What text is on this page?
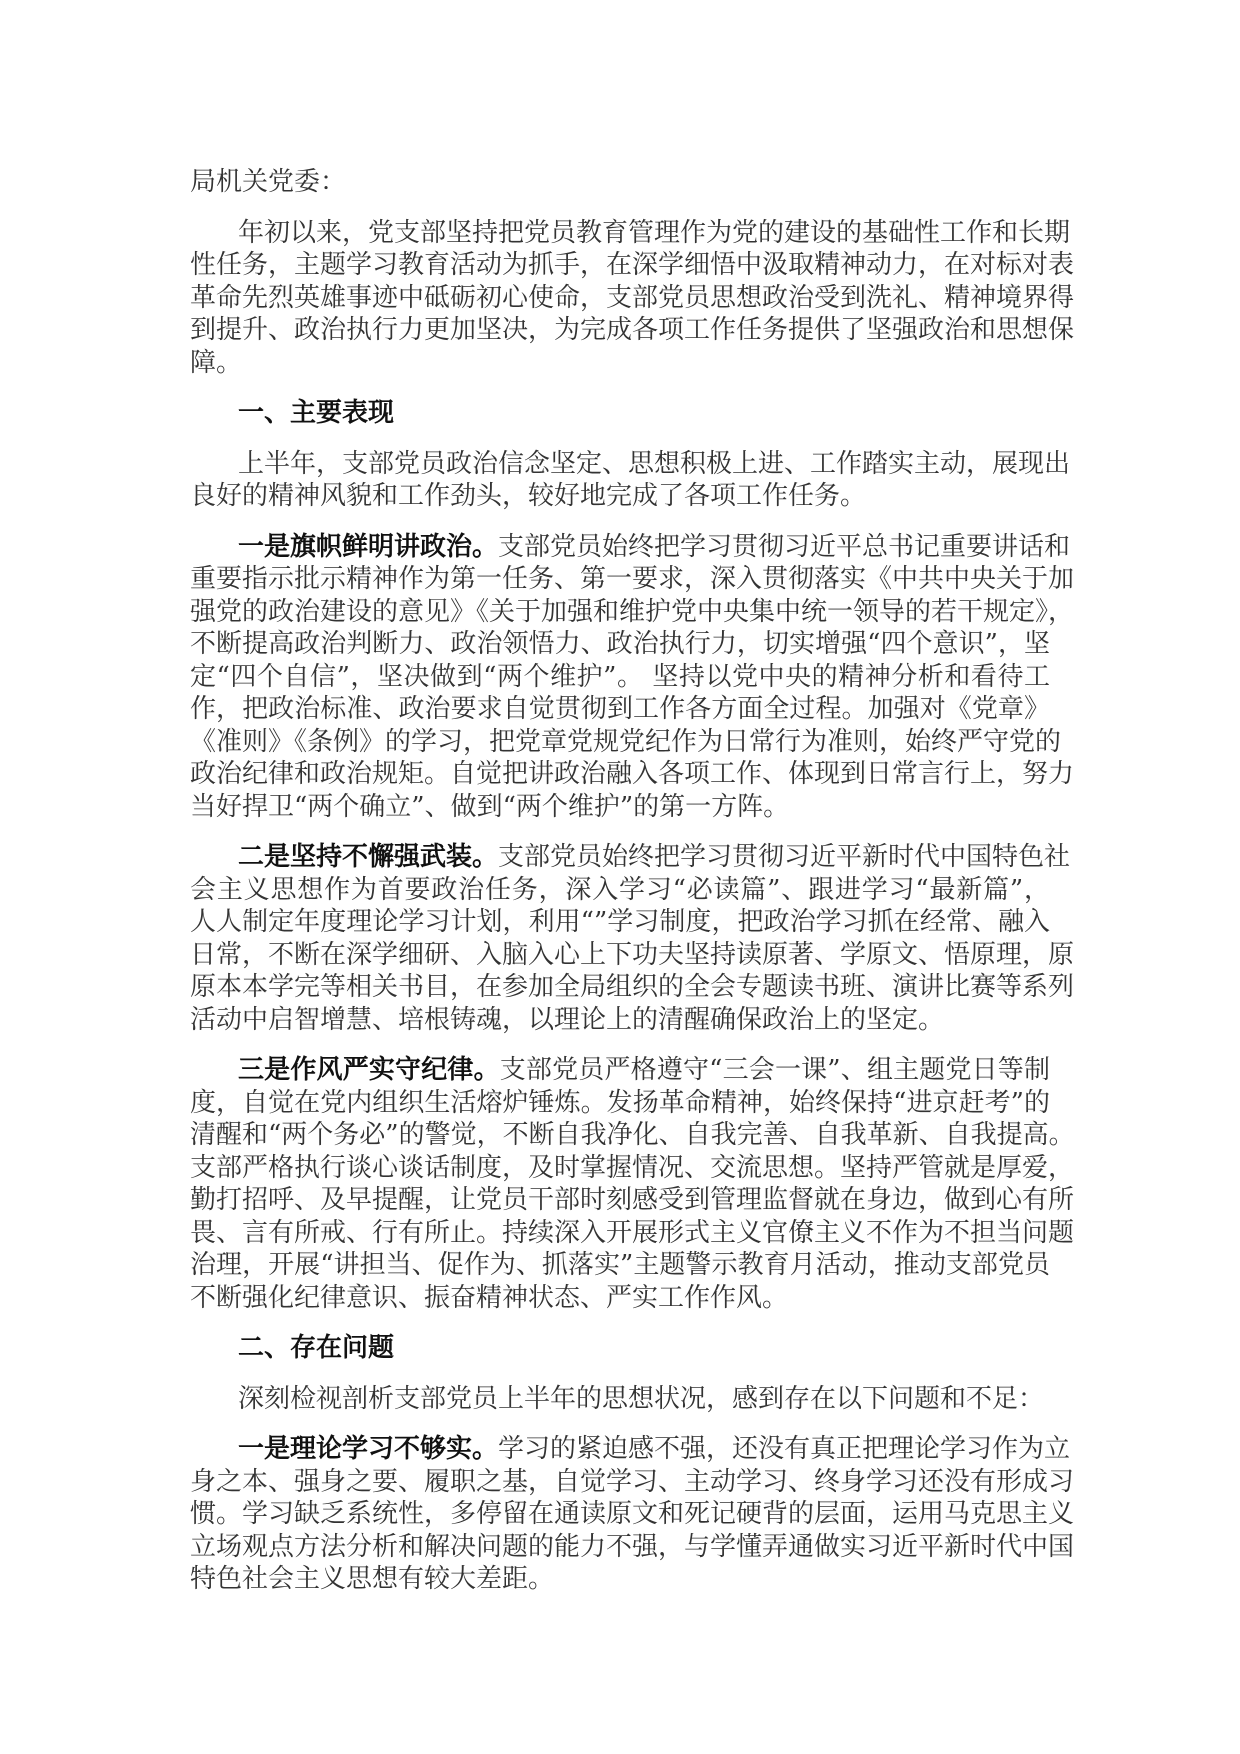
局机关党委：
年初以来，党支部坚持把党员教育管理作为党的建设的基础性工作和长期
性任务，主题学习教育活动为抓手，在深学细悟中汲取精神动力，在对标对表
革命先烈英雄事迹中砥砺初心使命，支部党员思想政治受到洗礼、精神境界得
到提升、政治执行力更加坚决，为完成各项工作任务提供了坚强政治和思想保
障。
一、主要表现
上半年，支部党员政治信念坚定、思想积极上进、工作踏实主动，展现出
良好的精神风貌和工作劲头，较好地完成了各项工作任务。
一是旗帜鲜明讲政治。支部党员始终把学习贯彻习近平总书记重要讲话和
重要指示批示精神作为第一任务、第一要求，深入贯彻落实《中共中央关于加
强党的政治建设的意见》《关于加强和维护党中央集中统一领导的若干规定》，
不断提高政治判断力、政治领悟力、政治执行力，切实增强“四个意识”，坚
定“四个自信”，坚决做到“两个维护”。 坚持以党中央的精神分析和看待工
作，把政治标准、政治要求自觉贯彻到工作各方面全过程。加强对《党章》
《准则》《条例》的学习，把党章党规党纪作为日常行为准则，始终严守党的
政治纪律和政治规矩。自觉把讲政治融入各项工作、体现到日常言行上，努力
当好捍卫“两个确立”、做到“两个维护”的第一方阵。
二是坚持不懈强武装。支部党员始终把学习贯彻习近平新时代中国特色社
会主义思想作为首要政治任务，深入学习“必读篇”、跟进学习“最新篇”，
人人制定年度理论学习计划，利用“”学习制度，把政治学习抓在经常、融入
日常，不断在深学细研、入脑入心上下功夫坚持读原著、学原文、悟原理，原
原本本学完等相关书目，在参加全局组织的全会专题读书班、演讲比赛等系列
活动中启智增慧、培根铸魂，以理论上的清醒确保政治上的坚定。
三是作风严实守纪律。支部党员严格遵守“三会一课”、组主题党日等制
度，自觉在党内组织生活熔炉锤炼。发扬革命精神，始终保持“进京赶考”的
清醒和“两个务必”的警觉，不断自我净化、自我完善、自我革新、自我提高。
支部严格执行谈心谈话制度，及时掌握情况、交流思想。坚持严管就是厚爱，
勤打招呼、及早提醒，让党员干部时刻感受到管理监督就在身边，做到心有所
畏、言有所戒、行有所止。持续深入开展形式主义官僚主义不作为不担当问题
治理，开展“讲担当、促作为、抓落实”主题警示教育月活动，推动支部党员
不断强化纪律意识、振奋精神状态、严实工作作风。
二、存在问题
深刻检视剖析支部党员上半年的思想状况，感到存在以下问题和不足：
一是理论学习不够实。学习的紧迫感不强，还没有真正把理论学习作为立
身之本、强身之要、履职之基，自觉学习、主动学习、终身学习还没有形成习
惯。学习缺乏系统性，多停留在通读原文和死记硬背的层面，运用马克思主义
立场观点方法分析和解决问题的能力不强，与学懂弄通做实习近平新时代中国
特色社会主义思想有较大差距。
